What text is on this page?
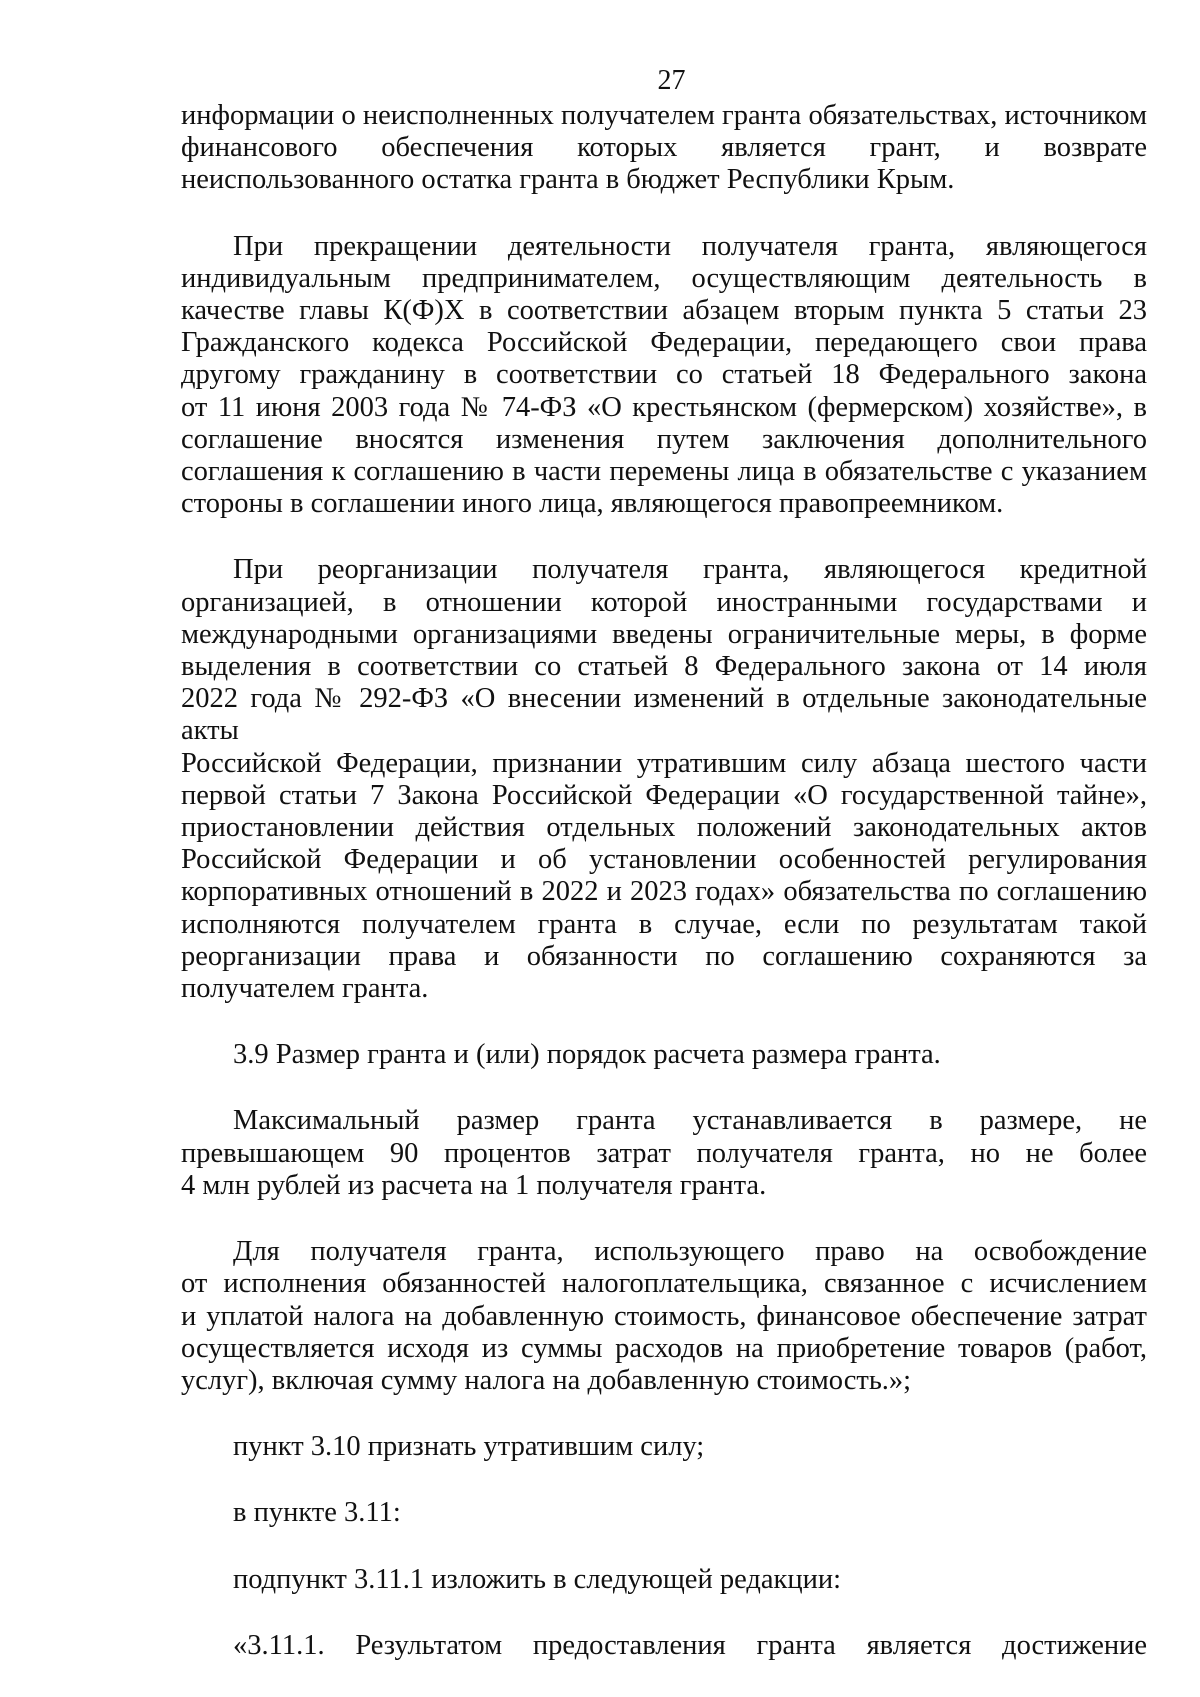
27
информации о неисполненных получателем гранта обязательствах, источником
финансового обеспечения которых является грант, и возврате
неиспользованного остатка гранта в бюджет Республики Крым.
При прекращении деятельности получателя гранта, являющегося
индивидуальным предпринимателем, осуществляющим деятельность в
качестве главы К(Ф)Х в соответствии абзацем вторым пункта 5 статьи 23
Гражданского кодекса Российской Федерации, передающего свои права
другому гражданину в соответствии со статьей 18 Федерального закона
от 11 июня 2003 года № 74-ФЗ «О крестьянском (фермерском) хозяйстве», в
соглашение вносятся изменения путем заключения дополнительного
соглашения к соглашению в части перемены лица в обязательстве с указанием
стороны в соглашении иного лица, являющегося правопреемником.
При реорганизации получателя гранта, являющегося кредитной
организацией, в отношении которой иностранными государствами и
международными организациями введены ограничительные меры, в форме
выделения в соответствии со статьей 8 Федерального закона от 14 июля
2022 года № 292-ФЗ «О внесении изменений в отдельные законодательные акты
Российской Федерации, признании утратившим силу абзаца шестого части
первой статьи 7 Закона Российской Федерации «О государственной тайне»,
приостановлении действия отдельных положений законодательных актов
Российской Федерации и об установлении особенностей регулирования
корпоративных отношений в 2022 и 2023 годах» обязательства по соглашению
исполняются получателем гранта в случае, если по результатам такой
реорганизации права и обязанности по соглашению сохраняются за
получателем гранта.
3.9 Размер гранта и (или) порядок расчета размера гранта.
Максимальный размер гранта устанавливается в размере, не
превышающем 90 процентов затрат получателя гранта, но не более
4 млн рублей из расчета на 1 получателя гранта.
Для получателя гранта, использующего право на освобождение
от исполнения обязанностей налогоплательщика, связанное с исчислением
и уплатой налога на добавленную стоимость, финансовое обеспечение затрат
осуществляется исходя из суммы расходов на приобретение товаров (работ,
услуг), включая сумму налога на добавленную стоимость.»;
пункт 3.10 признать утратившим силу;
в пункте 3.11:
подпункт 3.11.1 изложить в следующей редакции:
«3.11.1. Результатом предоставления гранта является достижение
